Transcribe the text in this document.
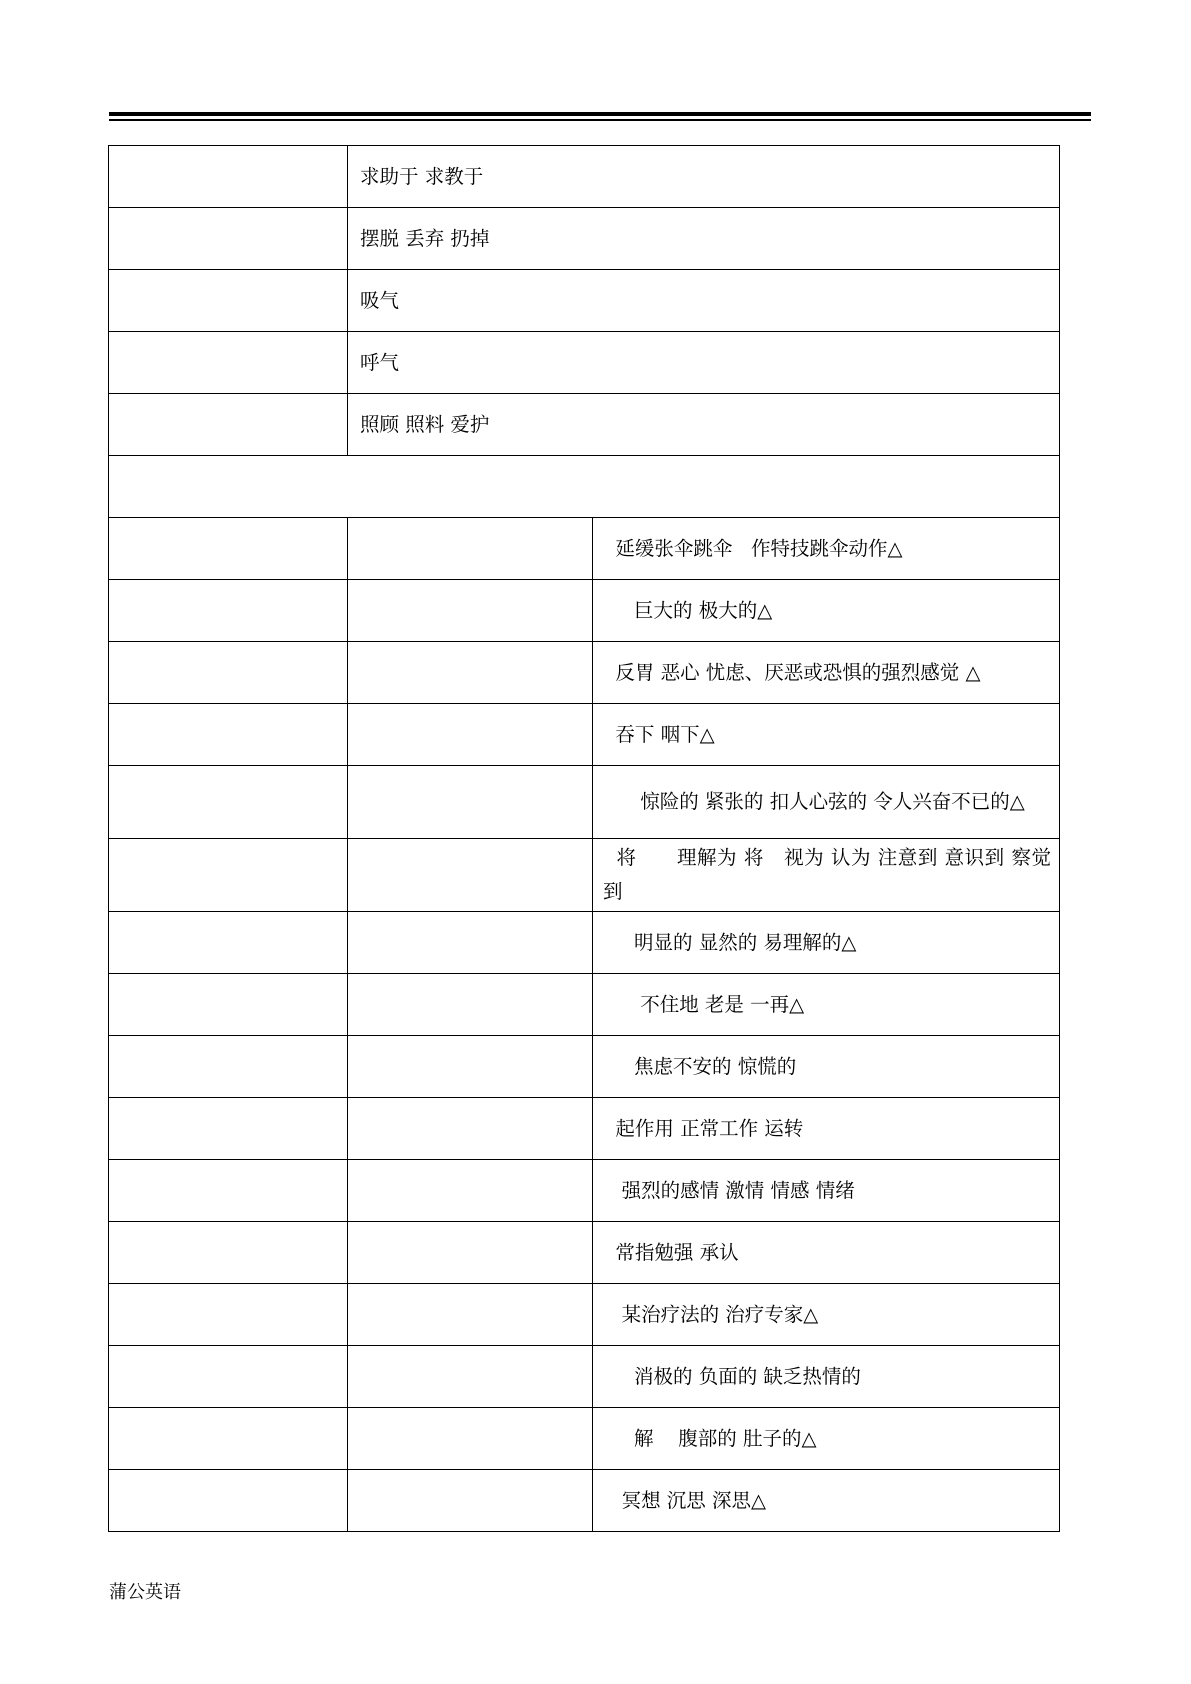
	求助于 求教于	
	摆脱 丢弃 扔掉	
	吸气	
	呼气	
	照顾 照料 爱护	

		延缓张伞跳伞   作特技跳伞动作△
		巨大的 极大的△
		反胃 恶心 忧虑、厌恶或恐惧的强烈感觉 △
		吞下 咽下△
		惊险的 紧张的 扣人心弦的 令人兴奋不已的△
		将      理解为 将   视为 认为 注意到 意识到 察觉到
		明显的 显然的 易理解的△
		不住地 老是 一再△
		焦虑不安的 惊慌的
		起作用 正常工作 运转
		强烈的感情 激情 情感 情绪
		常指勉强 承认
		某治疗法的 治疗专家△
		消极的 负面的 缺乏热情的
		解    腹部的 肚子的△
		冥想 沉思 深思△
蒲公英语
